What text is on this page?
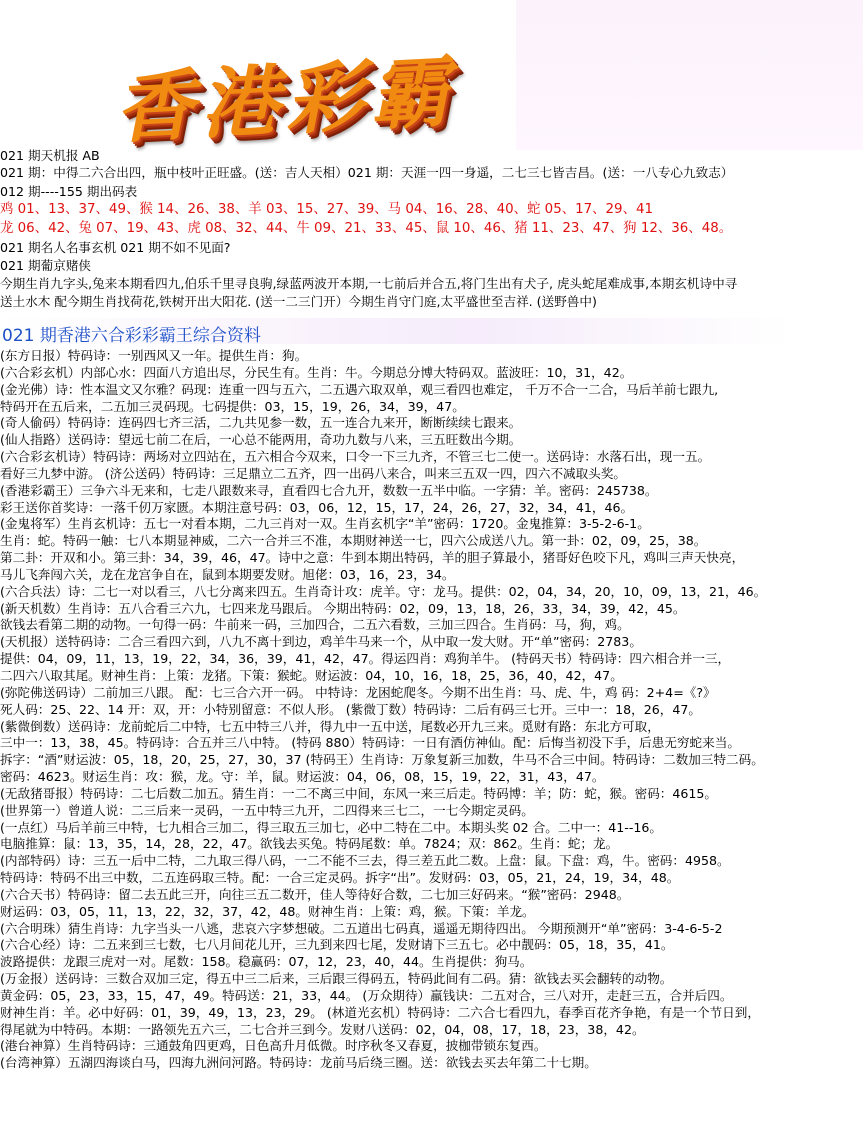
香港彩霸
021 期天机报 AB
021 期：中得二六合出四，瓶中枝叶正旺盛。(送：吉人天相）021 期：天涯一四一身遥，二七三七皆吉昌。(送：一八专心九致志）
012 期----155 期出码表
鸡 01、13、37、49、猴 14、26、38、羊 03、15、27、39、马 04、16、28、40、蛇 05、17、29、41
龙 06、42、兔 07、19、43、虎 08、32、44、牛 09、21、33、45、鼠 10、46、猪 11、23、47、狗 12、36、48。
021 期名人名事玄机 021 期不如不见面?
021 期葡京赌侠
今期生肖九字头,兔来本期看四九,伯乐千里寻良驹,绿蓝两波开本期,一七前后并合五,将门生出有犬子, 虎头蛇尾难成事,本期玄机诗中寻
送土水木 配今期生肖找荷花,铁树开出大阳花. (送一二三门开）今期生肖守门庭,太平盛世至吉祥. (送野兽中)
021 期香港六合彩彩霸王综合资料
(东方日报）特码诗：一别西风又一年。提供生肖：狗。
(六合彩玄机）内部心水：四面八方追出尽，分民生有。生肖：牛。今期总分博大特码双。蓝波旺：10，31，42。
(金光佛）诗：性本温文又尔雅？码现：连重一四与五六，二五遇六取双单，观三看四也难定， 千万不合一二合，马后羊前七跟九,
特码开在五后来，二五加三灵码现。七码提供：03，15，19，26，34，39，47。
(奇人偷码）特码诗：连码四七齐三活，二九共见参一数，五一连合九来开，断断续续七跟来。
(仙人指路）送码诗：望远七前二在后，一心总不能两用，奇功九数与八来，三五旺数出今期。
(六合彩玄机诗）特码诗：两场对立四站在，五六相合今双来，口令一下三九齐，不管三七二使一。送码诗：水落石出，现一五。
看好三九梦中游。 (济公送码）特码诗：三足鼎立二五齐，四一出码八来合，叫来三五双一四，四六不减取头奖。
(香港彩霸王）三争六斗无来和，七走八跟数来寻，直看四七合九开，数数一五半中临。一字猜：羊。密码：245738。
彩王送你首奖诗：一落千仞万家匮。本期注意号码：03，06，12，15，17，24，26，27，32，34，41，46。
(金鬼将军）生肖玄机诗：五七一对看本期，二九三肖对一双。生肖玄机字“羊”密码：1720。金鬼推算：3-5-2-6-1。
生肖：蛇。特码一触：七八本期显神威，二六一合并三不准，本期财神送一七，四六公成送八九。第一卦：02，09，25，38。
第二卦：开双和小。第三卦：34，39，46，47。诗中之意：牛到本期出特码，羊的胆子算最小，猪哥好色咬下凡，鸡叫三声天快亮，
马儿飞奔闯六关，龙在龙宫争自在，鼠到本期要发财。旭佬：03，16，23，34。
(六合兵法）诗：二七一对以看三，八七分离来四五。生肖奇计攻：虎羊。守：龙马。提供：02，04，34，20，10，09，13，21，46。
(新天机数）生肖诗：五八合看三六九，七四来龙马跟后。 今期出特码：02，09，13，18，26，33，34，39，42，45。
欲钱去看第二期的动物。一句得一码：牛前来一码，三加四合，二五六看数，三加三四合。生肖码：马，狗，鸡。
(天机报）送特码诗：二合三看四六到，八九不离十到边，鸡羊牛马来一个，从中取一发大财。开“单”密码：2783。
提供：04，09，11，13，19，22，34，36，39，41，42，47。得运四肖：鸡狗羊牛。 (特码天书）特码诗：四六相合并一三，
二四六八取其尾。财神生肖：上策：龙猪。下策：猴蛇。财运波：04，10，16，18，25，36，40，42，47。
(弥陀佛送码诗）二前加三八跟。 配：七三合六开一码。 中特诗：龙困蛇爬冬。今期不出生肖：马、虎、牛，鸡 码：2+4=《?》
死人码：25、22、14 开：双，开：小特别留意：不似人形。 (紫微丁数）特码诗：二后有码三七开。三中一：18，26，47。
(紫微倒数）送码诗：龙前蛇后二中特，七五中特三八并，得九中一五中送，尾数必开九三来。觅财有路：东北方可取，
三中一：13，38，45。特码诗：合五并三八中特。 (特码 880）特码诗：一日有酒仿神仙。配：后悔当初没下手，后患无穷蛇来当。
拆字：“酒”财运波：05，18，20，25，27，30，37 (特码王）生肖诗：万象复新三加数，牛马不合三中间。特码诗：二数加三特二码。
密码：4623。财运生肖：攻：猴，龙。守：羊，鼠。财运波：04，06，08，15，19，22，31，43，47。
(无敌猪哥报）特码诗：二七后数二加五。猜生肖：一二不离三中间，东风一来三后走。特码博：羊；防：蛇，猴。密码：4615。
(世界第一）曾道人说：二三后来一灵码，一五中特三九开，二四得来三七二，一七今期定灵码。
(一点红）马后羊前三中特，七九相合三加二，得三取五三加七，必中二特在二中。本期头奖 02 合。二中一：41--16。
电脑推算：鼠：13，35，14，28，22，47。欲钱去买兔。特码尾数：单。7824；双：862。生肖：蛇；龙。
(内部特码）诗：三五一后中二特，二九取三得八码，一二不能不三去，得三差五此二数。上盘：鼠。下盘：鸡，牛。密码：4958。
特码诗：特码不出三中数，二五连码取三特。配：一合三定灵码。拆字“出”。发财码：03，05，21，24，19，34，48。
(六合天书）特码诗：留二去五此三开，向往三五二数开，佳人等待好合数，二七加三好码来。“猴”密码：2948。
财运码：03，05，11，13，22，32，37，42，48。财神生肖：上策：鸡，猴。下策：羊龙。
(六合明珠）猜生肖诗：九字当头一八逃，悲哀六字梦想破。二五道出七码真，遥遥无期待四出。 今期预测开“单”密码：3-4-6-5-2
(六合心经）诗：二五来到三七数，七八月间花儿开，三九到来四七尾，发财请下三五七。必中靓码：05，18，35，41。
波路提供：龙跟三虎对一对。尾数：158。稳赢码：07，12，23，40，44。生肖提供：狗马。
(万金报）送码诗：三数合双加三定，得五中三二后来，三后跟三得码五，特码此间有二码。猜：欲钱去买会翻转的动物。
黄金码：05，23，33，15，47，49。特码送：21，33，44。 (万众期待）羸钱诀：二五对合，三八对开，走赶三五，合并后四。
财神生肖：羊。必中好码：01，39，49，13，23，29。 (林道光玄机）特码诗：二六合七看四九，春季百花齐争艳，有是一个节日到，
得尾就为中特码。本期：一路领先五六三，二七合并三到今。发财八送码：02，04，08，17，18，23，38，42。
(港台神算）生肖特码诗：三通鼓角四更鸡，日色高升月低微。时序秋冬又春夏，披枷带锁东复西。
(台湾神算）五湖四海谈白马，四海九洲问河路。特码诗：龙前马后绕三圈。送：欲钱去买去年第二十七期。
